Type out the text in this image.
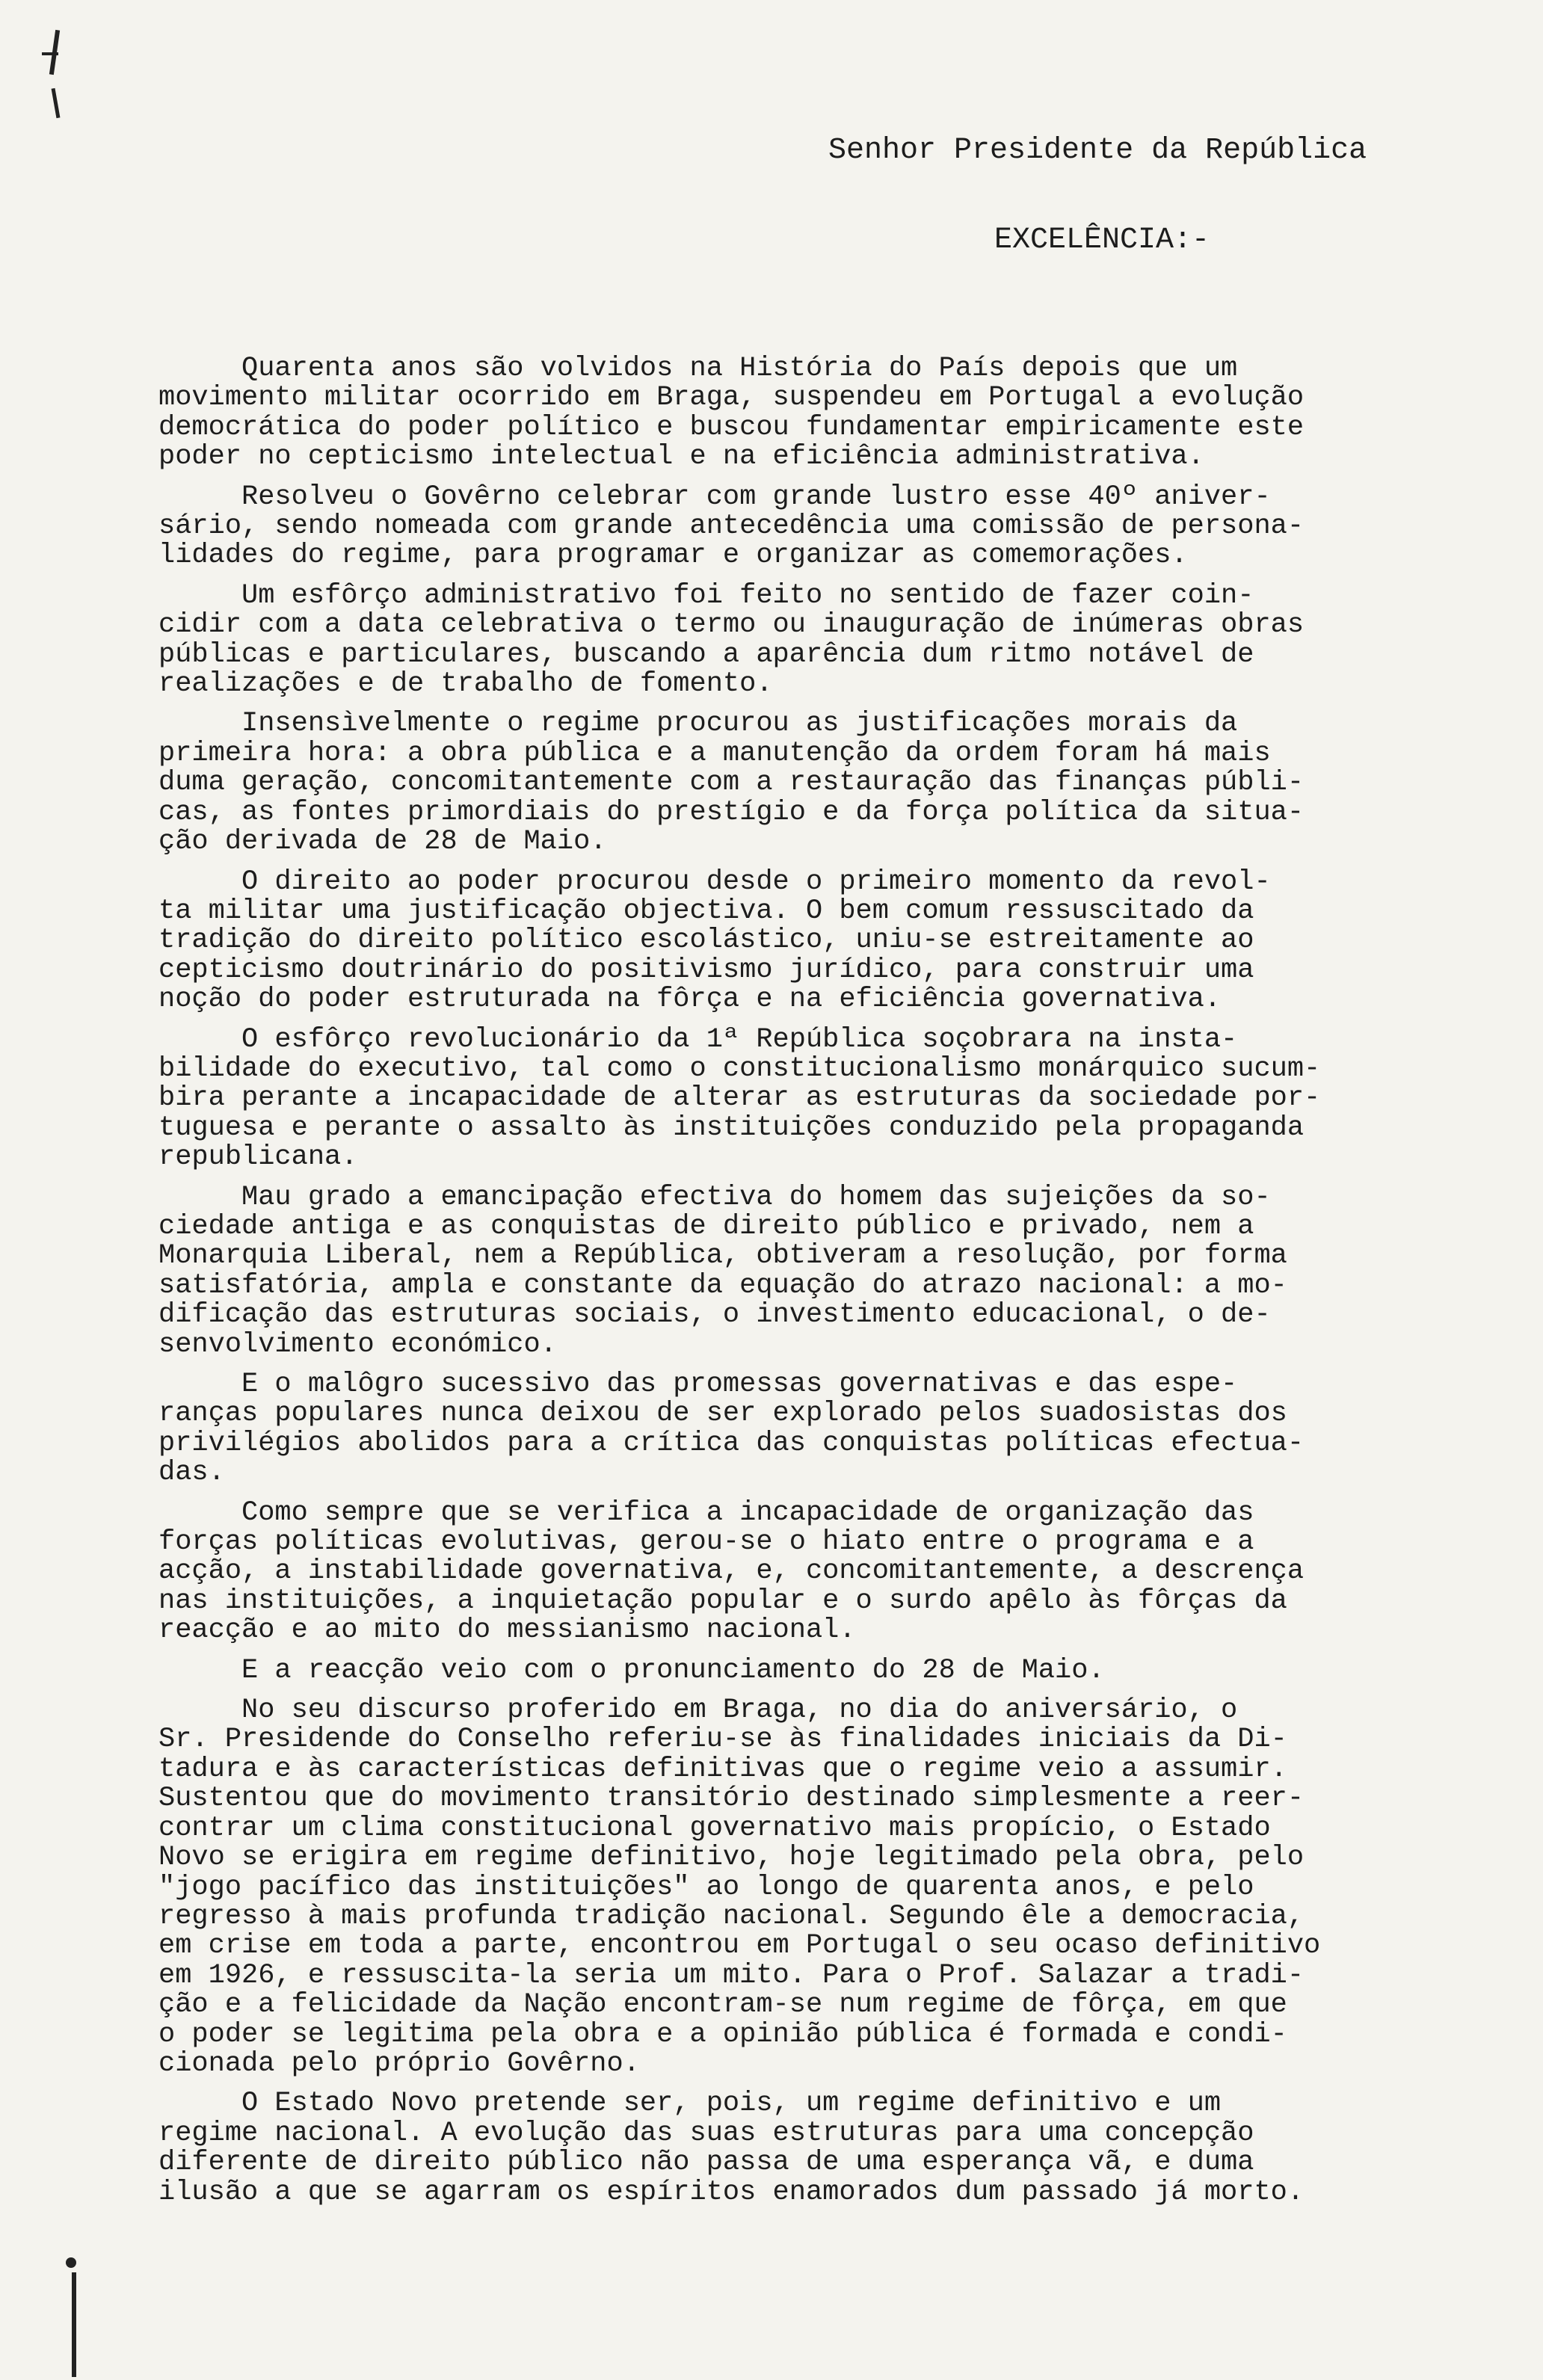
Senhor Presidente da República

EXCELÊNCIA:-

Quarenta anos são volvidos na História do País depois que um
movimento militar ocorrido em Braga, suspendeu em Portugal a evolução
democrática do poder político e buscou fundamentar empiricamente este
poder no cepticismo intelectual e na eficiência administrativa.
Resolveu o Govêrno celebrar com grande lustro esse 40º aniver-
sário, sendo nomeada com grande antecedência uma comissão de persona-
lidades do regime, para programar e organizar as comemorações.
Um esfôrço administrativo foi feito no sentido de fazer coin-
cidir com a data celebrativa o termo ou inauguração de inúmeras obras
públicas e particulares, buscando a aparência dum ritmo notável de
realizações e de trabalho de fomento.
Insensìvelmente o regime procurou as justificações morais da
primeira hora: a obra pública e a manutenção da ordem foram há mais
duma geração, concomitantemente com a restauração das finanças públi-
cas, as fontes primordiais do prestígio e da força política da situa-
ção derivada de 28 de Maio.
O direito ao poder procurou desde o primeiro momento da revol-
ta militar uma justificação objectiva. O bem comum ressuscitado da
tradição do direito político escolástico, uniu-se estreitamente ao
cepticismo doutrinário do positivismo jurídico, para construir uma
noção do poder estruturada na fôrça e na eficiência governativa.
O esfôrço revolucionário da 1ª República soçobrara na insta-
bilidade do executivo, tal como o constitucionalismo monárquico sucum-
bira perante a incapacidade de alterar as estruturas da sociedade por-
tuguesa e perante o assalto às instituições conduzido pela propaganda
republicana.
Mau grado a emancipação efectiva do homem das sujeições da so-
ciedade antiga e as conquistas de direito público e privado, nem a
Monarquia Liberal, nem a República, obtiveram a resolução, por forma
satisfatória, ampla e constante da equação do atrazo nacional: a mo-
dificação das estruturas sociais, o investimento educacional, o de-
senvolvimento económico.
E o malôgro sucessivo das promessas governativas e das espe-
ranças populares nunca deixou de ser explorado pelos suadosistas dos
privilégios abolidos para a crítica das conquistas políticas efectua-
das.
Como sempre que se verifica a incapacidade de organização das
forças políticas evolutivas, gerou-se o hiato entre o programa e a
acção, a instabilidade governativa, e, concomitantemente, a descrença
nas instituições, a inquietação popular e o surdo apêlo às fôrças da
reacção e ao mito do messianismo nacional.
E a reacção veio com o pronunciamento do 28 de Maio.
No seu discurso proferido em Braga, no dia do aniversário, o
Sr. Presidende do Conselho referiu-se às finalidades iniciais da Di-
tadura e às características definitivas que o regime veio a assumir.
Sustentou que do movimento transitório destinado simplesmente a reer-
contrar um clima constitucional governativo mais propício, o Estado
Novo se erigira em regime definitivo, hoje legitimado pela obra, pelo
"jogo pacífico das instituições" ao longo de quarenta anos, e pelo
regresso à mais profunda tradição nacional. Segundo êle a democracia,
em crise em toda a parte, encontrou em Portugal o seu ocaso definitivo
em 1926, e ressuscita-la seria um mito. Para o Prof. Salazar a tradi-
ção e a felicidade da Nação encontram-se num regime de fôrça, em que
o poder se legitima pela obra e a opinião pública é formada e condi-
cionada pelo próprio Govêrno.
O Estado Novo pretende ser, pois, um regime definitivo e um
regime nacional. A evolução das suas estruturas para uma concepção
diferente de direito público não passa de uma esperança vã, e duma
ilusão a que se agarram os espíritos enamorados dum passado já morto.
